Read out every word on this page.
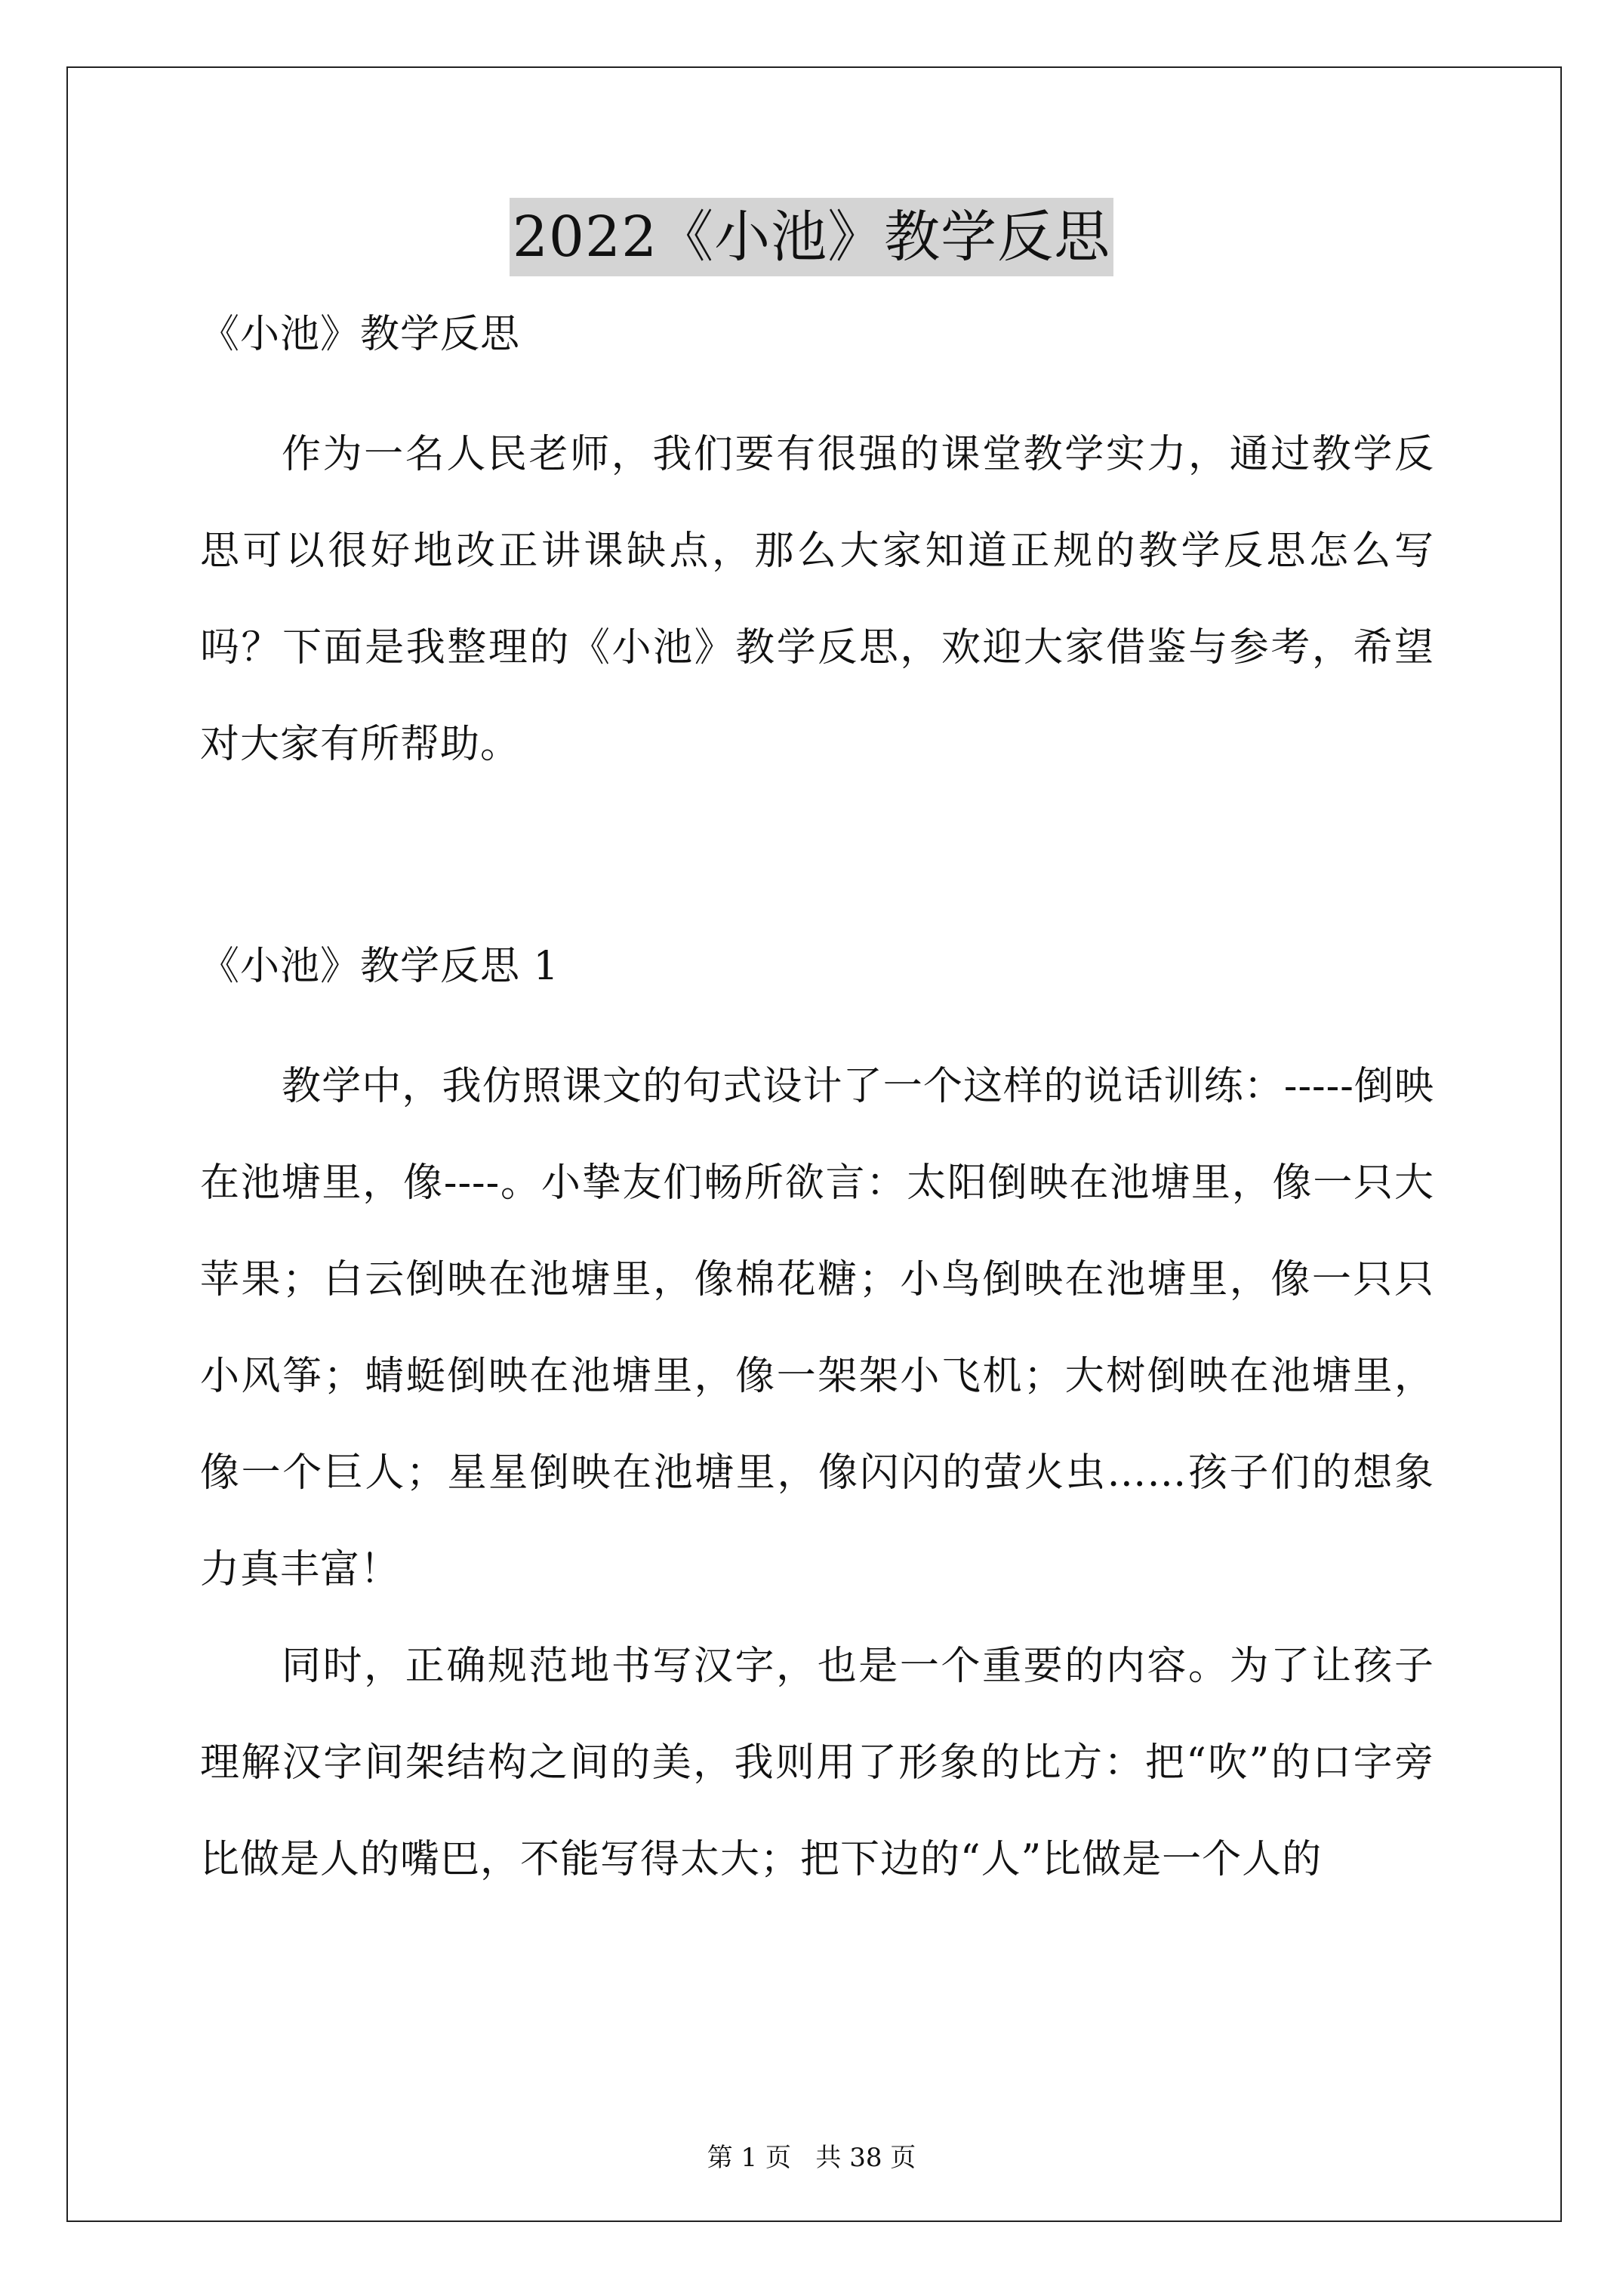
2022《小池》教学反思

《小池》教学反思

作为一名人民老师，我们要有很强的课堂教学实力，通过教学反思可以很好地改正讲课缺点，那么大家知道正规的教学反思怎么写吗？下面是我整理的《小池》教学反思，欢迎大家借鉴与参考，希望对大家有所帮助。

《小池》教学反思 1

教学中，我仿照课文的句式设计了一个这样的说话训练：-----倒映在池塘里，像----。小挚友们畅所欲言：太阳倒映在池塘里，像一只大苹果；白云倒映在池塘里，像棉花糖；小鸟倒映在池塘里，像一只只小风筝；蜻蜓倒映在池塘里，像一架架小飞机；大树倒映在池塘里，像一个巨人；星星倒映在池塘里，像闪闪的萤火虫……孩子们的想象力真丰富！

同时，正确规范地书写汉字，也是一个重要的内容。为了让孩子理解汉字间架结构之间的美，我则用了形象的比方：把“吹”的口字旁比做是人的嘴巴，不能写得太大；把下边的“人”比做是一个人的

第 1 页 共 38 页
